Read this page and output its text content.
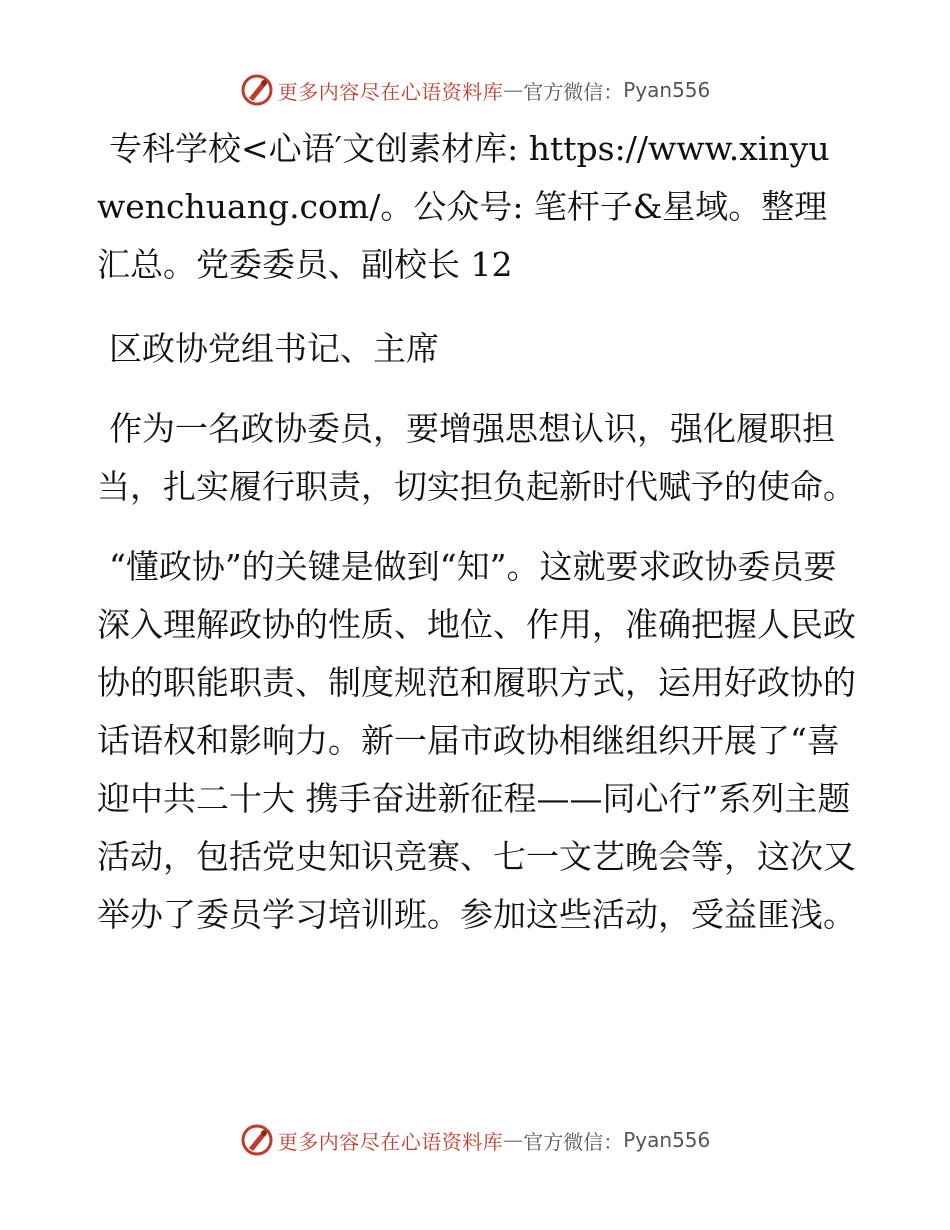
更多内容尽在心语资料库 — 官方微信： Pyan556

专科学校<心语′文创素材库: https://www.xinyuwenchuang.com/。公众号: 笔杆子&星域。整理汇总。党委委员、副校长 12

区政协党组书记、主席

作为一名政协委员，要增强思想认识，强化履职担当，扎实履行职责，切实担负起新时代赋予的使命。

“懂政协”的关键是做到“知”。这就要求政协委员要深入理解政协的性质、地位、作用，准确把握人民政协的职能职责、制度规范和履职方式，运用好政协的话语权和影响力。新一届市政协相继组织开展了“喜迎中共二十大 携手奋进新征程——同心行”系列主题活动，包括党史知识竞赛、七一文艺晚会等，这次又举办了委员学习培训班。参加这些活动，受益匪浅。

更多内容尽在心语资料库 — 官方微信： Pyan556
